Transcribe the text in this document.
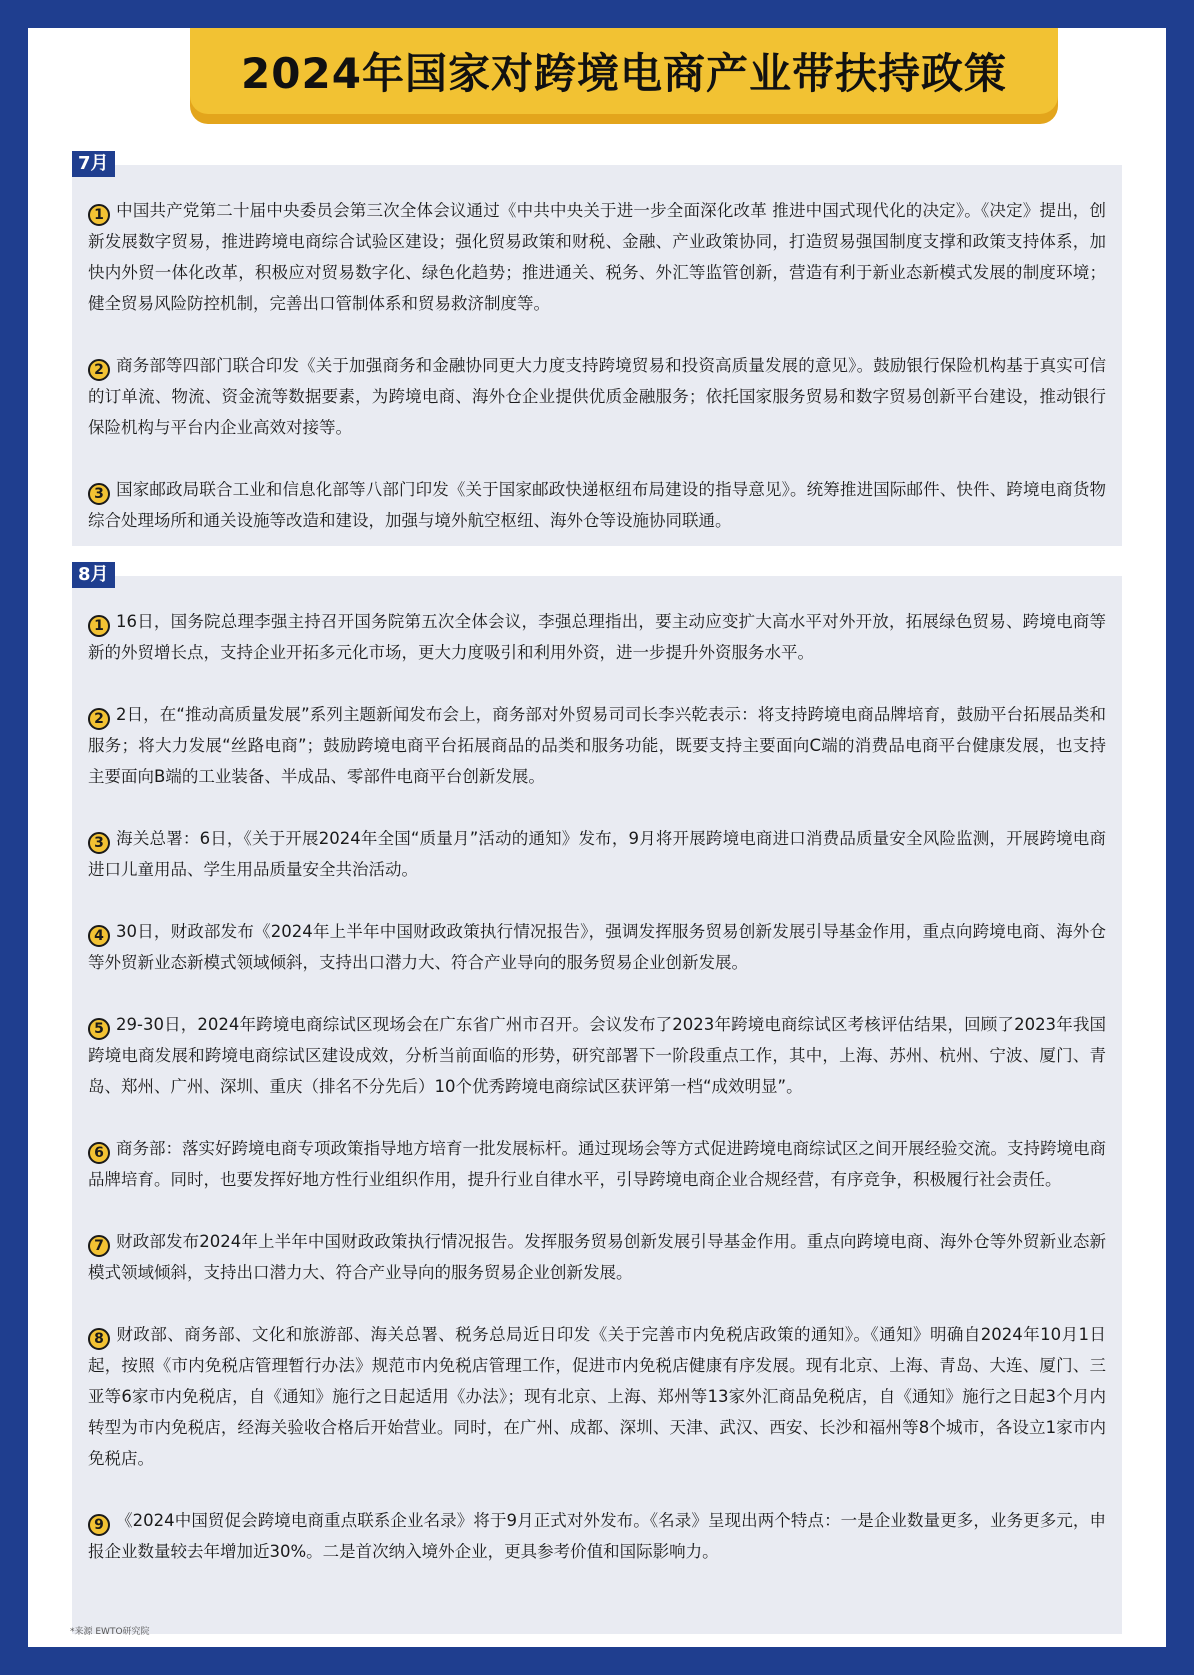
2024年国家对跨境电商产业带扶持政策
7月

1 中国共产党第二十届中央委员会第三次全体会议通过《中共中央关于进一步全面深化改革 推进中国式现代化的决定》。《决定》提出，创新发展数字贸易，推进跨境电商综合试验区建设；强化贸易政策和财税、金融、产业政策协同，打造贸易强国制度支撑和政策支持体系，加快内外贸一体化改革，积极应对贸易数字化、绿色化趋势；推进通关、税务、外汇等监管创新，营造有利于新业态新模式发展的制度环境；健全贸易风险防控机制，完善出口管制体系和贸易救济制度等。

2 商务部等四部门联合印发《关于加强商务和金融协同更大力度支持跨境贸易和投资高质量发展的意见》。鼓励银行保险机构基于真实可信的订单流、物流、资金流等数据要素，为跨境电商、海外仓企业提供优质金融服务；依托国家服务贸易和数字贸易创新平台建设，推动银行保险机构与平台内企业高效对接等。

3 国家邮政局联合工业和信息化部等八部门印发《关于国家邮政快递枢纽布局建设的指导意见》。统筹推进国际邮件、快件、跨境电商货物综合处理场所和通关设施等改造和建设，加强与境外航空枢纽、海外仓等设施协同联通。

8月

1 16日，国务院总理李强主持召开国务院第五次全体会议，李强总理指出，要主动应变扩大高水平对外开放，拓展绿色贸易、跨境电商等新的外贸增长点，支持企业开拓多元化市场，更大力度吸引和利用外资，进一步提升外资服务水平。

2 2日，在“推动高质量发展”系列主题新闻发布会上，商务部对外贸易司司长李兴乾表示：将支持跨境电商品牌培育，鼓励平台拓展品类和服务；将大力发展“丝路电商”；鼓励跨境电商平台拓展商品的品类和服务功能，既要支持主要面向C端的消费品电商平台健康发展，也支持主要面向B端的工业装备、半成品、零部件电商平台创新发展。

3 海关总署：6日，《关于开展2024年全国“质量月”活动的通知》发布，9月将开展跨境电商进口消费品质量安全风险监测，开展跨境电商进口儿童用品、学生用品质量安全共治活动。

4 30日，财政部发布《2024年上半年中国财政政策执行情况报告》，强调发挥服务贸易创新发展引导基金作用，重点向跨境电商、海外仓等外贸新业态新模式领域倾斜，支持出口潜力大、符合产业导向的服务贸易企业创新发展。

5 29-30日，2024年跨境电商综试区现场会在广东省广州市召开。会议发布了2023年跨境电商综试区考核评估结果，回顾了2023年我国跨境电商发展和跨境电商综试区建设成效，分析当前面临的形势，研究部署下一阶段重点工作，其中，上海、苏州、杭州、宁波、厦门、青岛、郑州、广州、深圳、重庆（排名不分先后）10个优秀跨境电商综试区获评第一档“成效明显”。

6 商务部：落实好跨境电商专项政策指导地方培育一批发展标杆。通过现场会等方式促进跨境电商综试区之间开展经验交流。支持跨境电商品牌培育。同时，也要发挥好地方性行业组织作用，提升行业自律水平，引导跨境电商企业合规经营，有序竞争，积极履行社会责任。

7 财政部发布2024年上半年中国财政政策执行情况报告。发挥服务贸易创新发展引导基金作用。重点向跨境电商、海外仓等外贸新业态新模式领域倾斜，支持出口潜力大、符合产业导向的服务贸易企业创新发展。

8 财政部、商务部、文化和旅游部、海关总署、税务总局近日印发《关于完善市内免税店政策的通知》。《通知》明确自2024年10月1日起，按照《市内免税店管理暂行办法》规范市内免税店管理工作，促进市内免税店健康有序发展。现有北京、上海、青岛、大连、厦门、三亚等6家市内免税店，自《通知》施行之日起适用《办法》；现有北京、上海、郑州等13家外汇商品免税店，自《通知》施行之日起3个月内转型为市内免税店，经海关验收合格后开始营业。同时，在广州、成都、深圳、天津、武汉、西安、长沙和福州等8个城市，各设立1家市内免税店。

9 《2024中国贸促会跨境电商重点联系企业名录》将于9月正式对外发布。《名录》呈现出两个特点：一是企业数量更多，业务更多元，申报企业数量较去年增加近30%。二是首次纳入境外企业，更具参考价值和国际影响力。

*来源 EWTO研究院
